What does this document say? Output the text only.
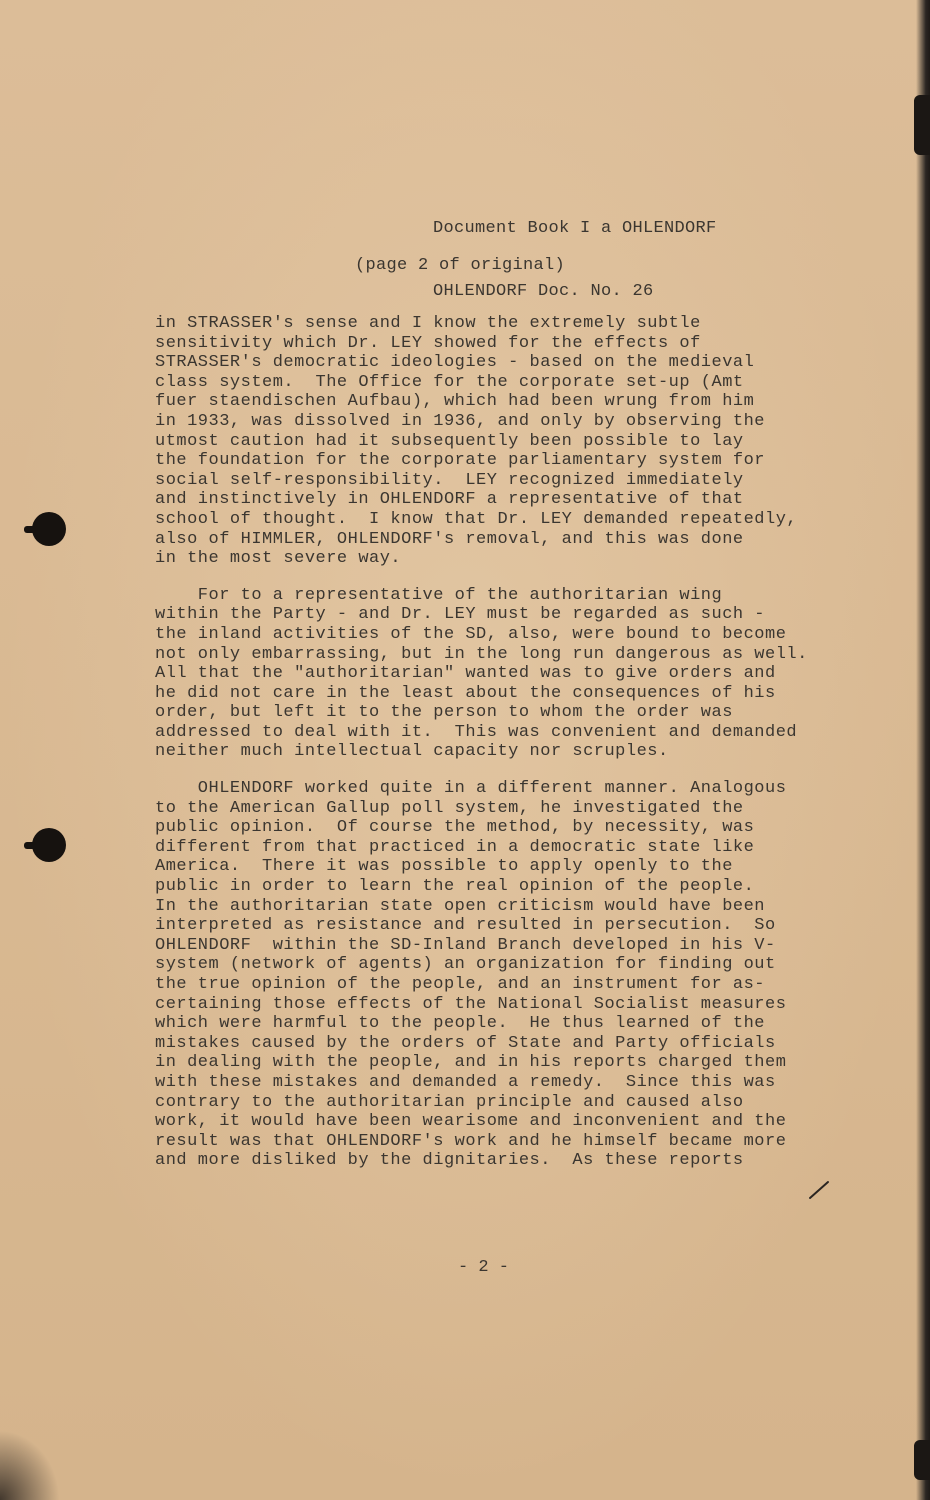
Document Book I a OHLENDORF

OHLENDORF Doc. No. 26

(page 2 of original)
in STRASSER's sense and I know the extremely subtle
sensitivity which Dr. LEY showed for the effects of
STRASSER's democratic ideologies - based on the medieval
class system.  The Office for the corporate set-up (Amt
fuer staendischen Aufbau), which had been wrung from him
in 1933, was dissolved in 1936, and only by observing the
utmost caution had it subsequently been possible to lay
the foundation for the corporate parliamentary system for
social self-responsibility.  LEY recognized immediately
and instinctively in OHLENDORF a representative of that
school of thought.  I know that Dr. LEY demanded repeatedly,
also of HIMMLER, OHLENDORF's removal, and this was done
in the most severe way.
For to a representative of the authoritarian wing
within the Party - and Dr. LEY must be regarded as such -
the inland activities of the SD, also, were bound to become
not only embarrassing, but in the long run dangerous as well.
All that the "authoritarian" wanted was to give orders and
he did not care in the least about the consequences of his
order, but left it to the person to whom the order was
addressed to deal with it.  This was convenient and demanded
neither much intellectual capacity nor scruples.
OHLENDORF worked quite in a different manner. Analogous
to the American Gallup poll system, he investigated the
public opinion.  Of course the method, by necessity, was
different from that practiced in a democratic state like
America.  There it was possible to apply openly to the
public in order to learn the real opinion of the people.
In the authoritarian state open criticism would have been
interpreted as resistance and resulted in persecution.  So
OHLENDORF  within the SD-Inland Branch developed in his V-
system (network of agents) an organization for finding out
the true opinion of the people, and an instrument for as-
certaining those effects of the National Socialist measures
which were harmful to the people.  He thus learned of the
mistakes caused by the orders of State and Party officials
in dealing with the people, and in his reports charged them
with these mistakes and demanded a remedy.  Since this was
contrary to the authoritarian principle and caused also
work, it would have been wearisome and inconvenient and the
result was that OHLENDORF's work and he himself became more
and more disliked by the dignitaries.  As these reports
- 2 -
